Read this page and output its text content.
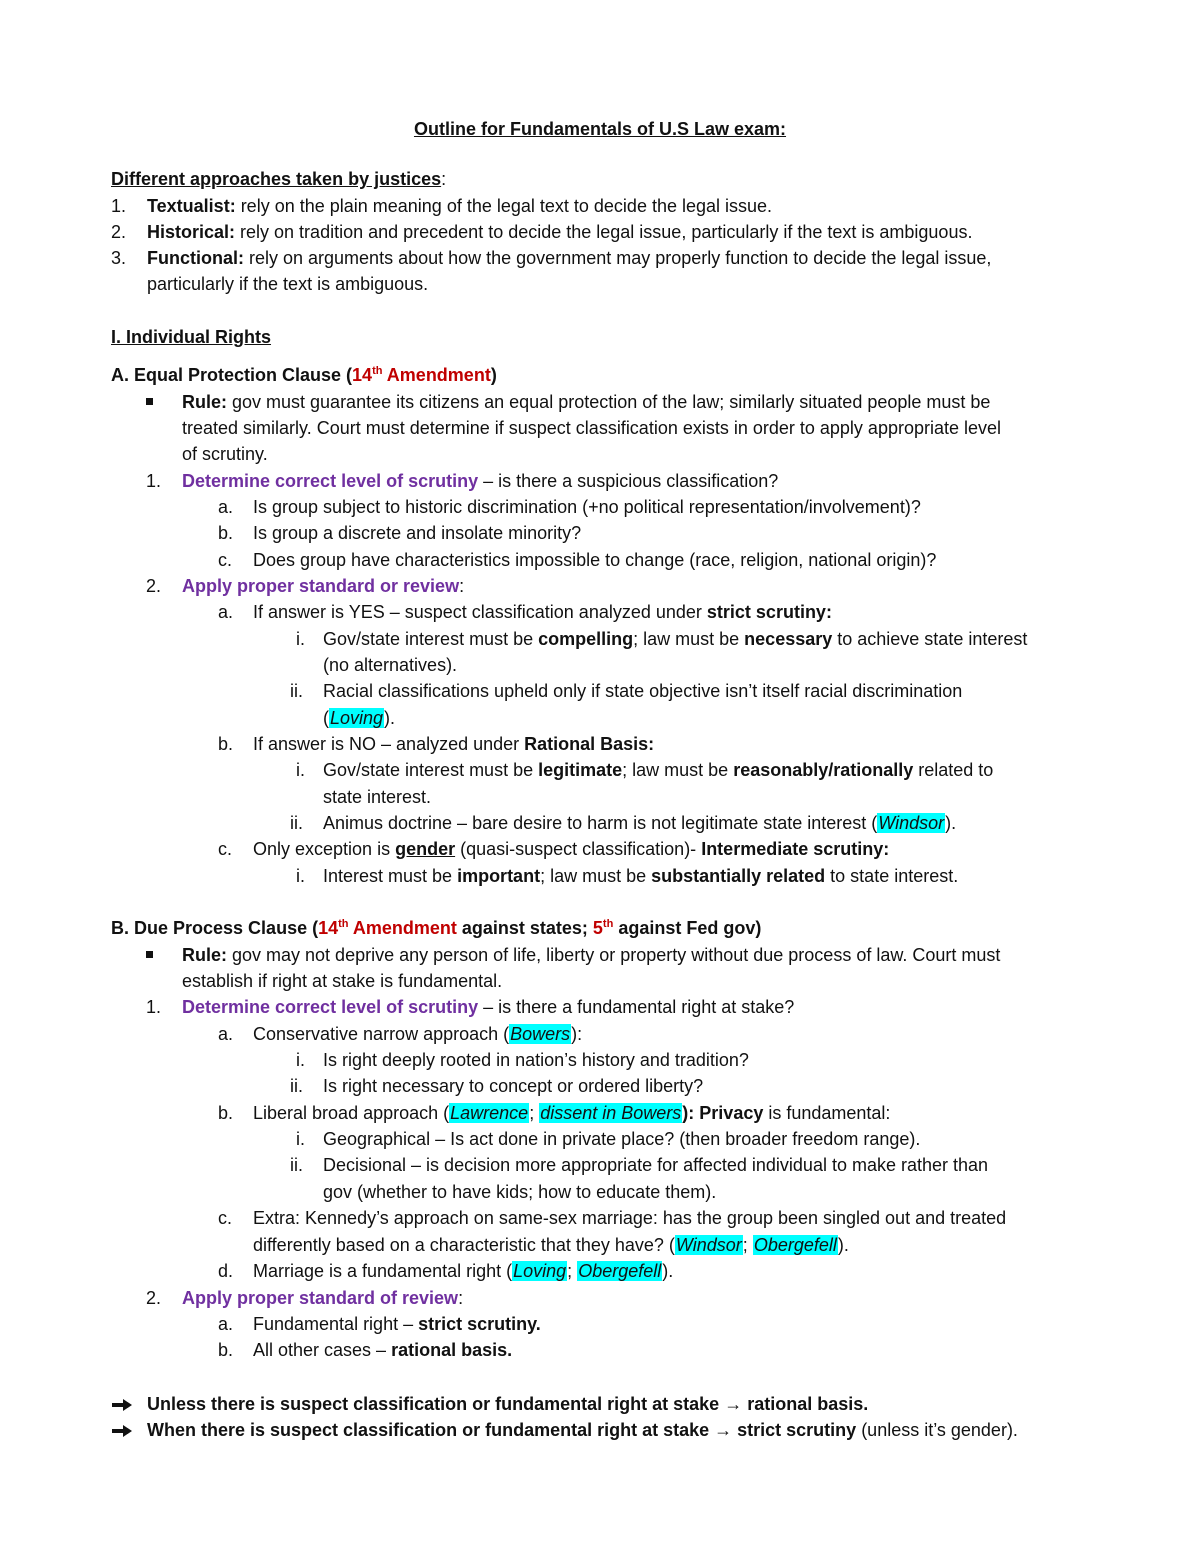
Outline for Fundamentals of U.S Law exam:
Different approaches taken by justices:
1. Textualist: rely on the plain meaning of the legal text to decide the legal issue.
2. Historical: rely on tradition and precedent to decide the legal issue, particularly if the text is ambiguous.
3. Functional: rely on arguments about how the government may properly function to decide the legal issue,
particularly if the text is ambiguous.
I. Individual Rights
A. Equal Protection Clause (14th Amendment)
Rule: gov must guarantee its citizens an equal protection of the law; similarly situated people must be
treated similarly. Court must determine if suspect classification exists in order to apply appropriate level
of scrutiny.
1. Determine correct level of scrutiny – is there a suspicious classification?
a. Is group subject to historic discrimination (+no political representation/involvement)?
b. Is group a discrete and insolate minority?
c. Does group have characteristics impossible to change (race, religion, national origin)?
2. Apply proper standard or review:
a. If answer is YES – suspect classification analyzed under strict scrutiny:
i. Gov/state interest must be compelling; law must be necessary to achieve state interest
(no alternatives).
ii. Racial classifications upheld only if state objective isn’t itself racial discrimination
(Loving).
b. If answer is NO – analyzed under Rational Basis:
i. Gov/state interest must be legitimate; law must be reasonably/rationally related to
state interest.
ii. Animus doctrine – bare desire to harm is not legitimate state interest (Windsor).
c. Only exception is gender (quasi-suspect classification)- Intermediate scrutiny:
i. Interest must be important; law must be substantially related to state interest.
B. Due Process Clause (14th Amendment against states; 5th against Fed gov)
Rule: gov may not deprive any person of life, liberty or property without due process of law. Court must
establish if right at stake is fundamental.
1. Determine correct level of scrutiny – is there a fundamental right at stake?
a. Conservative narrow approach (Bowers):
i. Is right deeply rooted in nation’s history and tradition?
ii. Is right necessary to concept or ordered liberty?
b. Liberal broad approach (Lawrence; dissent in Bowers): Privacy is fundamental:
i. Geographical – Is act done in private place? (then broader freedom range).
ii. Decisional – is decision more appropriate for affected individual to make rather than
gov (whether to have kids; how to educate them).
c. Extra: Kennedy’s approach on same-sex marriage: has the group been singled out and treated
differently based on a characteristic that they have? (Windsor; Obergefell).
d. Marriage is a fundamental right (Loving; Obergefell).
2. Apply proper standard of review:
a. Fundamental right – strict scrutiny.
b. All other cases – rational basis.
Unless there is suspect classification or fundamental right at stake → rational basis.
When there is suspect classification or fundamental right at stake → strict scrutiny (unless it’s gender).
